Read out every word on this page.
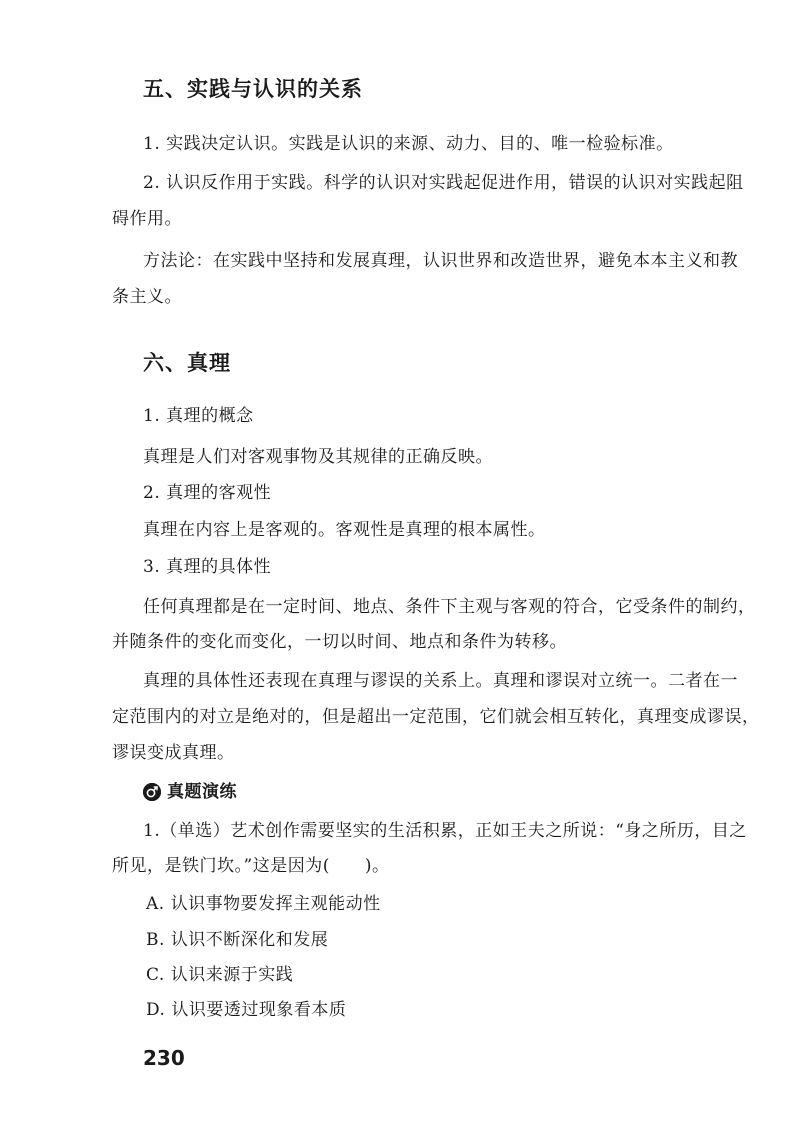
五、实践与认识的关系
1. 实践决定认识。实践是认识的来源、动力、目的、唯一检验标准。
2. 认识反作用于实践。科学的认识对实践起促进作用，错误的认识对实践起阻
碍作用。
方法论：在实践中坚持和发展真理，认识世界和改造世界，避免本本主义和教
条主义。
六、真理
1. 真理的概念
真理是人们对客观事物及其规律的正确反映。
2. 真理的客观性
真理在内容上是客观的。客观性是真理的根本属性。
3. 真理的具体性
任何真理都是在一定时间、地点、条件下主观与客观的符合，它受条件的制约，
并随条件的变化而变化，一切以时间、地点和条件为转移。
真理的具体性还表现在真理与谬误的关系上。真理和谬误对立统一。二者在一
定范围内的对立是绝对的，但是超出一定范围，它们就会相互转化，真理变成谬误，
谬误变成真理。
真题演练
1.（单选）艺术创作需要坚实的生活积累，正如王夫之所说：“身之所历，目之
所见，是铁门坎。”这是因为(　　)。
A. 认识事物要发挥主观能动性
B. 认识不断深化和发展
C. 认识来源于实践
D. 认识要透过现象看本质
230
